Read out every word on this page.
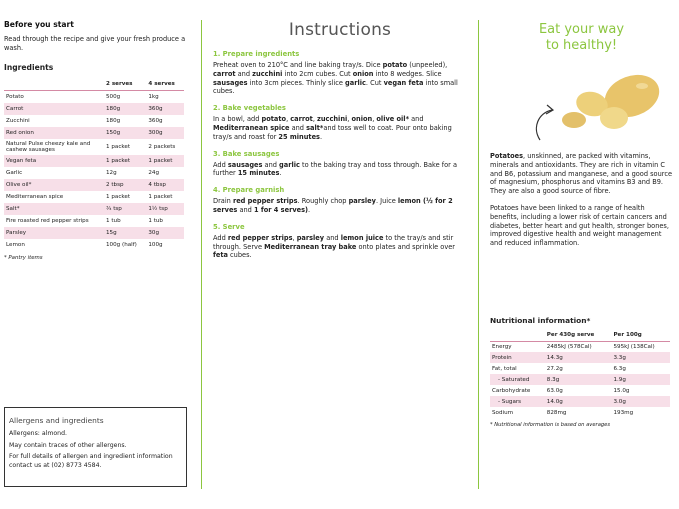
Before you start
Read through the recipe and give your fresh produce a wash.
Ingredients
	2 serves	4 serves
Potato	500g	1kg
Carrot	180g	360g
Zucchini	180g	360g
Red onion	150g	300g
Natural Pulse cheezy kale and cashew sausages	1 packet	2 packets
Vegan feta	1 packet	1 packet
Garlic	12g	24g
Olive oil*	2 tbsp	4 tbsp
Mediterranean spice	1 packet	1 packet
Salt*	¾ tsp	1½ tsp
Fire roasted red pepper strips	1 tub	1 tub
Parsley	15g	30g
Lemon	100g (half)	100g
* Pantry items
Allergens and ingredients
Allergens: almond.
May contain traces of other allergens.
For full details of allergen and ingredient information contact us at (02) 8773 4584.
Instructions
1. Prepare ingredients
Preheat oven to 210°C and line baking tray/s. Dice potato (unpeeled), carrot and zucchini into 2cm cubes. Cut onion into 8 wedges. Slice sausages into 3cm pieces. Thinly slice garlic. Cut vegan feta into small cubes.
2. Bake vegetables
In a bowl, add potato, carrot, zucchini, onion, olive oil* and Mediterranean spice and salt*and toss well to coat. Pour onto baking tray/s and roast for 25 minutes.
3. Bake sausages
Add sausages and garlic to the baking tray and toss through. Bake for a further 15 minutes.
4. Prepare garnish
Drain red pepper strips. Roughly chop parsley. Juice lemon (½ for 2 serves and 1 for 4 serves).
5. Serve
Add red pepper strips, parsley and lemon juice to the tray/s and stir through. Serve Mediterranean tray bake onto plates and sprinkle over feta cubes.
Eat your way
to healthy!
Potatoes, unskinned, are packed with vitamins, minerals and antioxidants. They are rich in vitamin C and B6, potassium and manganese, and a good source of magnesium, phosphorus and vitamins B3 and B9. They are also a good source of fibre.
Potatoes have been linked to a range of health benefits, including a lower risk of certain cancers and diabetes, better heart and gut health, stronger bones, improved digestive health and weight management and reduced inflammation.
Nutritional information*
	Per 430g serve	Per 100g
Energy	2485kJ (578Cal)	595kJ (138Cal)
Protein	14.3g	3.3g
Fat, total	27.2g	6.3g
- Saturated	8.3g	1.9g
Carbohydrate	63.0g	15.0g
- Sugars	14.0g	3.0g
Sodium	828mg	193mg
* Nutritional information is based on averages
